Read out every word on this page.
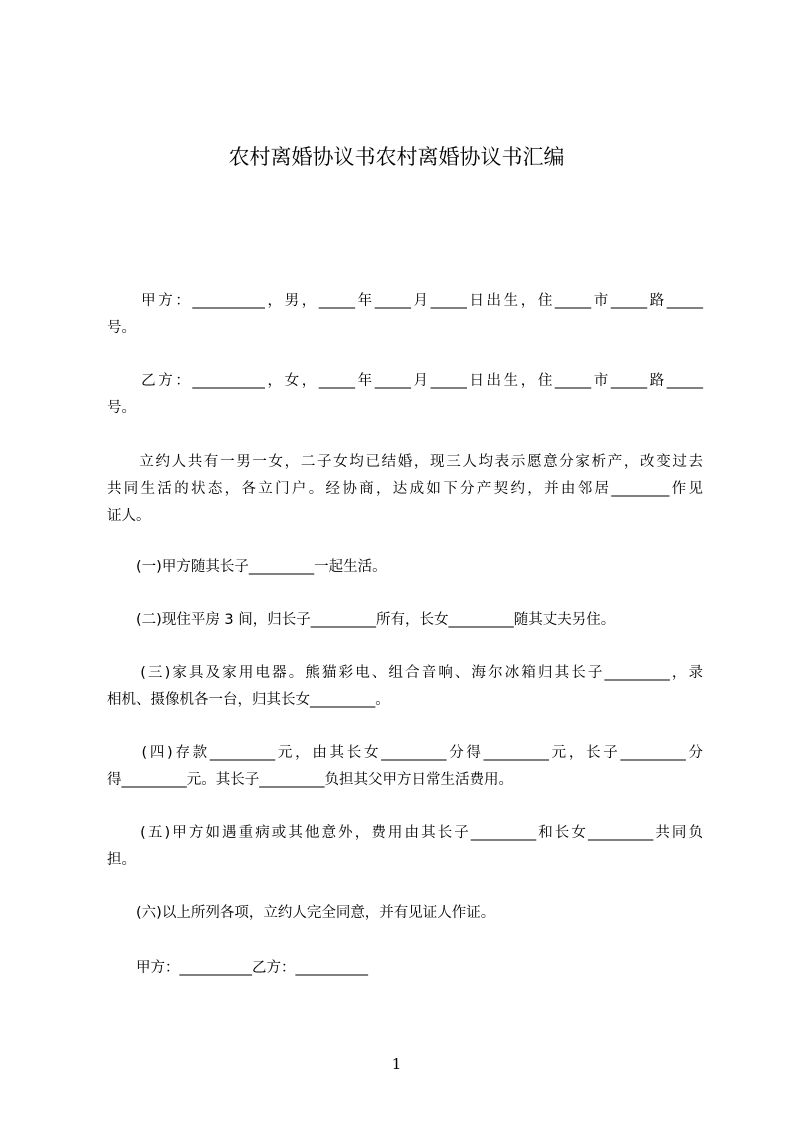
农村离婚协议书农村离婚协议书汇编
　　甲方：__________，男，_____年_____月_____日出生，住_____市_____路_____
号。
　　乙方：__________，女，_____年_____月_____日出生，住_____市_____路_____
号。
　　立约人共有一男一女，二子女均已结婚，现三人均表示愿意分家析产，改变过去
共同生活的状态，各立门户。经协商，达成如下分产契约，并由邻居________作见
证人。
　　(一)甲方随其长子_________一起生活。
　　(二)现住平房 3 间，归长子_________所有，长女_________随其丈夫另住。
　　(三)家具及家用电器。熊猫彩电、组合音响、海尔冰箱归其长子_________，录
相机、摄像机各一台，归其长女_________。
　　(四)存款_________元，由其长女_________分得_________元，长子_________分
得_________元。其长子_________负担其父甲方日常生活费用。
　　(五)甲方如遇重病或其他意外，费用由其长子_________和长女_________共同负
担。
　　(六)以上所列各项，立约人完全同意，并有见证人作证。
　　甲方：__________乙方：__________
1
